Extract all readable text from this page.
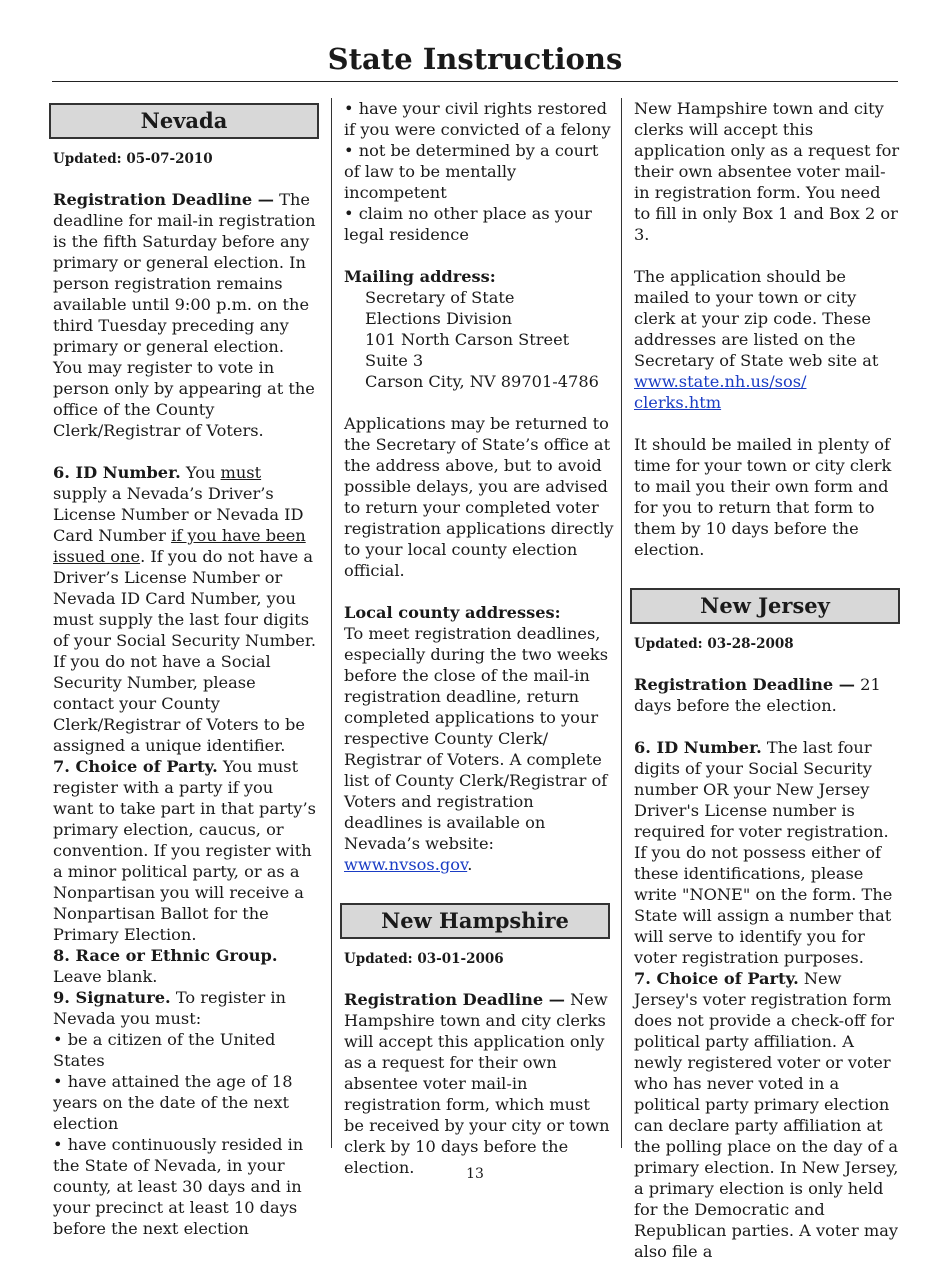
State Instructions
Nevada
Updated: 05-07-2010

Registration Deadline — The deadline for mail-in registration is the fifth Saturday before any primary or general election. In person registration remains available until 9:00 p.m. on the third Tuesday preceding any primary or general election. You may register to vote in person only by appearing at the office of the County Clerk/Registrar of Voters.

6. ID Number. You must supply a Nevada’s Driver’s License Number or Nevada ID Card Number if you have been issued one. If you do not have a Driver’s License Number or Nevada ID Card Number, you must supply the last four digits of your Social Security Number. If you do not have a Social Security Number, please contact your County Clerk/Registrar of Voters to be assigned a unique identifier.

7. Choice of Party. You must register with a party if you want to take part in that party’s primary election, caucus, or convention. If you register with a minor political party, or as a Nonpartisan you will receive a Nonpartisan Ballot for the Primary Election.

8. Race or Ethnic Group. Leave blank.

9. Signature. To register in Nevada you must:

• be a citizen of the United States

• have attained the age of 18 years on the date of the next election

• have continuously resided in the State of Nevada, in your county, at least 30 days and in your precinct at least 10 days before the next election

• have your civil rights restored if you were convicted of a felony

• not be determined by a court of law to be mentally incompetent

• claim no other place as your legal residence

Mailing address:

Secretary of State

Elections Division

101 North Carson Street

Suite 3

Carson City, NV 89701-4786

Applications may be returned to the Secretary of State’s office at the address above, but to avoid possible delays, you are advised to return your completed voter registration applications directly to your local county election official.

Local county addresses:

To meet registration deadlines, especially during the two weeks before the close of the mail-in registration deadline, return completed applications to your respective County Clerk/ Registrar of Voters. A complete list of County Clerk/Registrar of Voters and registration deadlines is available on Nevada’s website: www.nvsos.gov.

New Hampshire
Updated: 03-01-2006

Registration Deadline — New Hampshire town and city clerks will accept this application only as a request for their own absentee voter mail-in registration form, which must be received by your city or town clerk by 10 days before the election.

New Hampshire town and city clerks will accept this application only as a request for their own absentee voter mail-in registration form. You need to fill in only Box 1 and Box 2 or 3.

The application should be mailed to your town or city clerk at your zip code. These addresses are listed on the Secretary of State web site at www.state.nh.us/sos/
clerks.htm

It should be mailed in plenty of time for your town or city clerk to mail you their own form and for you to return that form to them by 10 days before the election.

New Jersey
Updated: 03-28-2008

Registration Deadline — 21 days before the election.

6. ID Number. The last four digits of your Social Security number OR your New Jersey Driver's License number is required for voter registration. If you do not possess either of these identifications, please write "NONE" on the form. The State will assign a number that will serve to identify you for voter registration purposes.

7. Choice of Party. New Jersey's voter registration form does not provide a check-off for political party affiliation. A newly registered voter or voter who has never voted in a political party primary election can declare party affiliation at the polling place on the day of a primary election. In New Jersey, a primary election is only held for the Democratic and Republican parties. A voter may also file a

13
